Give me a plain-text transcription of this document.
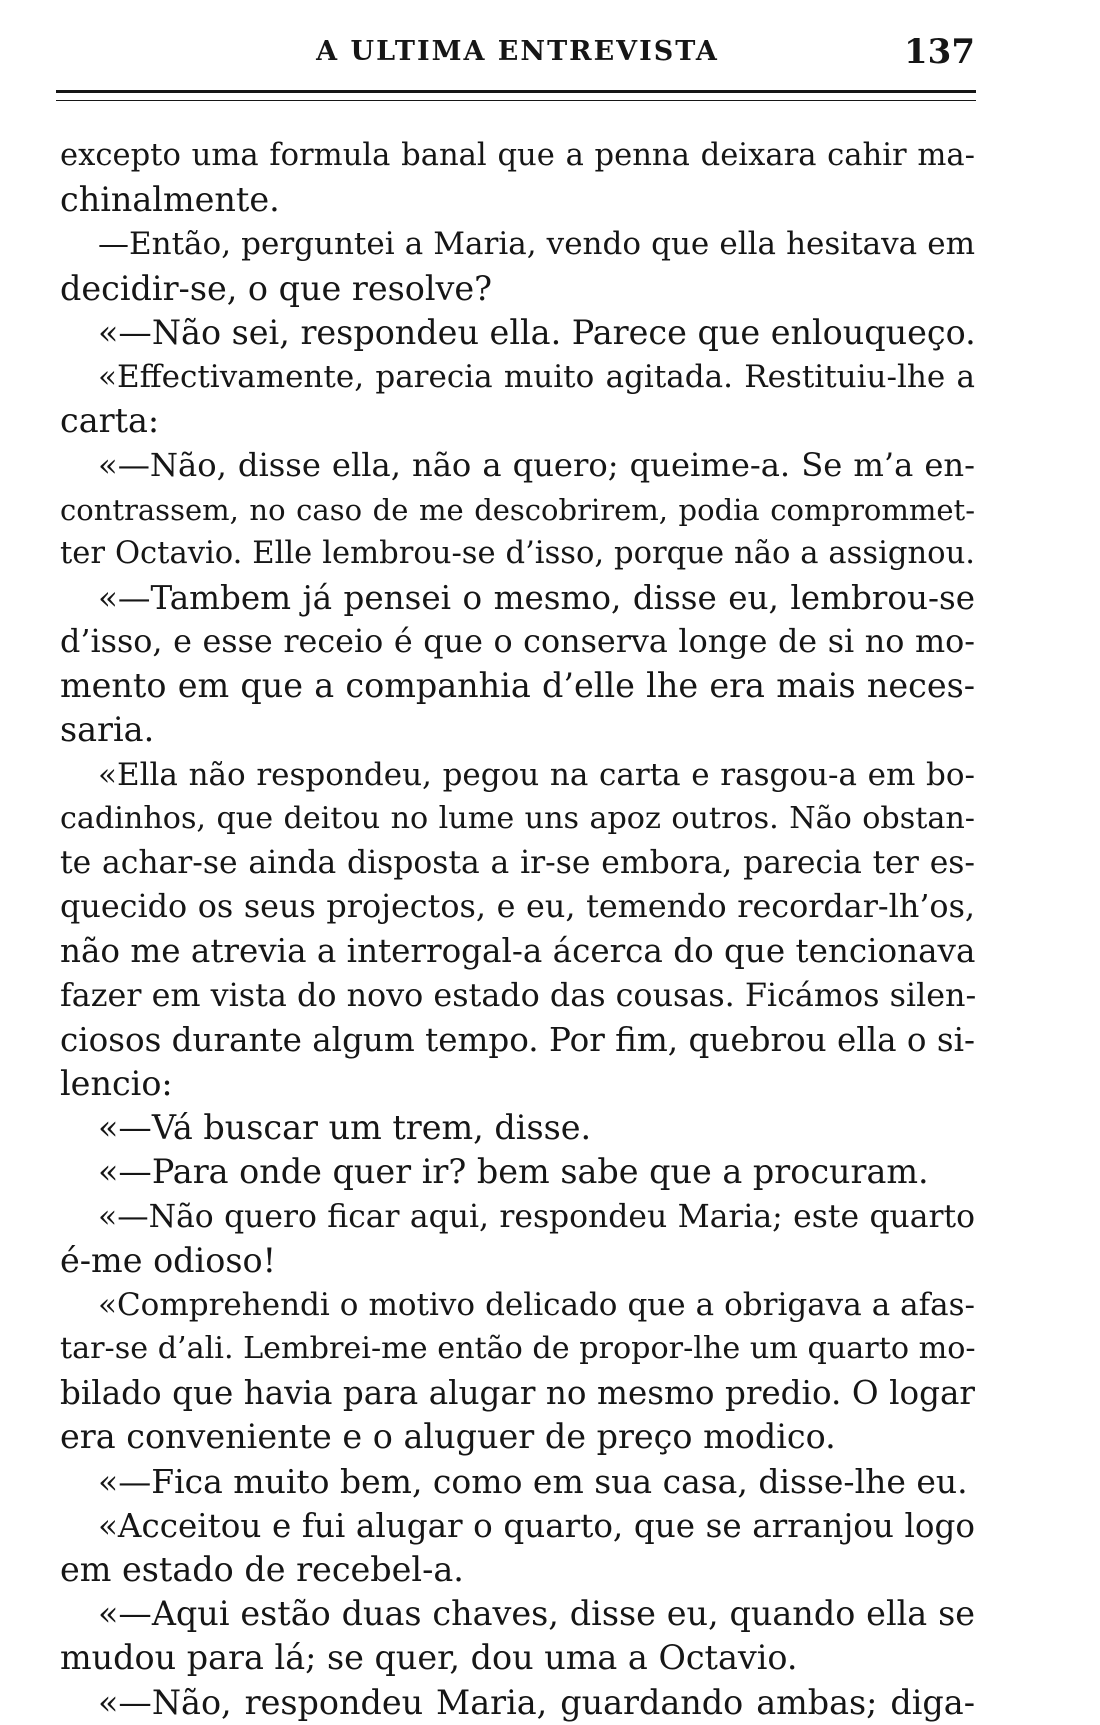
A ULTIMA ENTREVISTA	137
excepto uma formula banal que a penna deixara cahir ma-
chinalmente.
—Então, perguntei a Maria, vendo que ella hesitava em
decidir-se, o que resolve?
«—Não sei, respondeu ella. Parece que enlouqueço.
«Effectivamente, parecia muito agitada. Restituiu-lhe a
carta:
«—Não, disse ella, não a quero; queime-a. Se m’a en-
contrassem, no caso de me descobrirem, podia comprommet-
ter Octavio. Elle lembrou-se d’isso, porque não a assignou.
«—Tambem já pensei o mesmo, disse eu, lembrou-se
d’isso, e esse receio é que o conserva longe de si no mo-
mento em que a companhia d’elle lhe era mais neces-
saria.
«Ella não respondeu, pegou na carta e rasgou-a em bo-
cadinhos, que deitou no lume uns apoz outros. Não obstan-
te achar-se ainda disposta a ir-se embora, parecia ter es-
quecido os seus projectos, e eu, temendo recordar-lh’os,
não me atrevia a interrogal-a ácerca do que tencionava
fazer em vista do novo estado das cousas. Ficámos silen-
ciosos durante algum tempo. Por fim, quebrou ella o si-
lencio:
«—Vá buscar um trem, disse.
«—Para onde quer ir? bem sabe que a procuram.
«—Não quero ficar aqui, respondeu Maria; este quarto
é-me odioso!
«Comprehendi o motivo delicado que a obrigava a afas-
tar-se d’ali. Lembrei-me então de propor-lhe um quarto mo-
bilado que havia para alugar no mesmo predio. O logar
era conveniente e o aluguer de preço modico.
«—Fica muito bem, como em sua casa, disse-lhe eu.
«Acceitou e fui alugar o quarto, que se arranjou logo
em estado de recebel-a.
«—Aqui estão duas chaves, disse eu, quando ella se
mudou para lá; se quer, dou uma a Octavio.
«—Não, respondeu Maria, guardando ambas; diga-
